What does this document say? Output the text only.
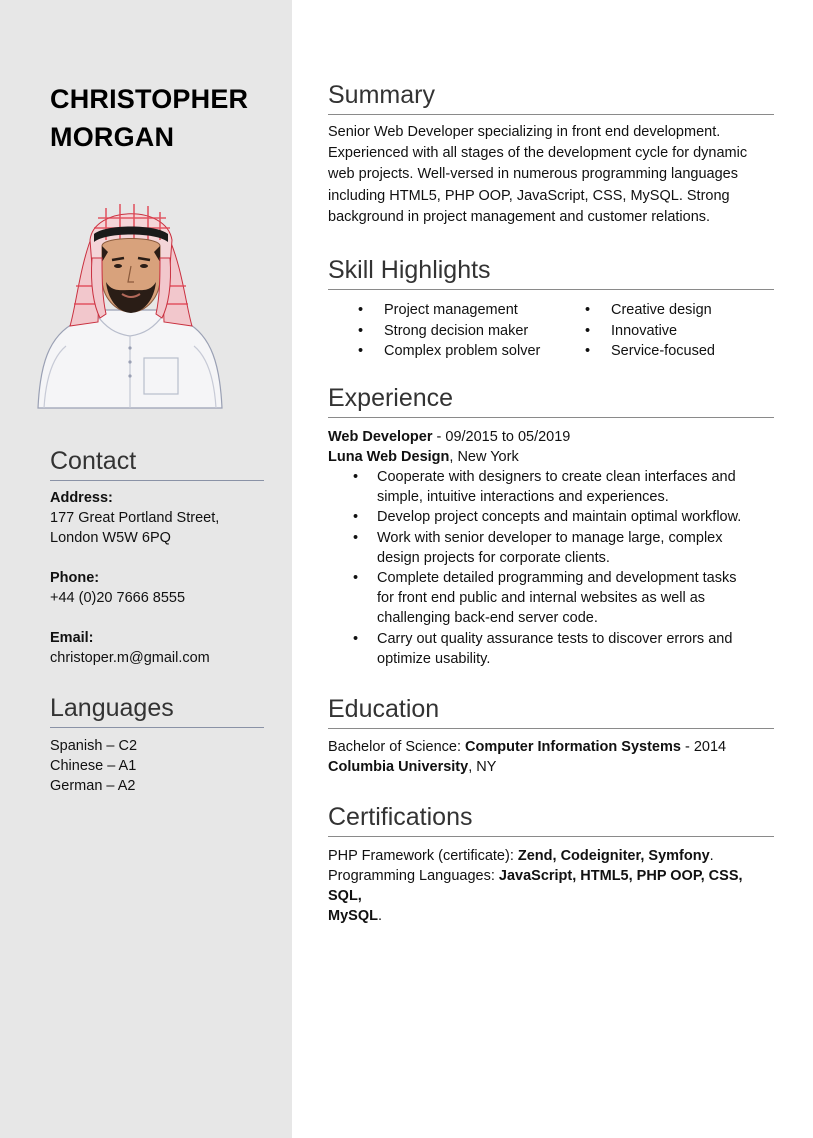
CHRISTOPHER
MORGAN
Contact
Address:
177 Great Portland Street,
London W5W 6PQ
Phone:
+44 (0)20 7666 8555
Email:
christoper.m@gmail.com
Languages
Spanish – C2
Chinese – A1
German – A2
Summary
Senior Web Developer specializing in front end development.
Experienced with all stages of the development cycle for dynamic
web projects. Well-versed in numerous programming languages
including HTML5, PHP OOP, JavaScript, CSS, MySQL. Strong
background in project management and customer relations.
Skill Highlights
• Project management
• Strong decision maker
• Complex problem solver
• Creative design
• Innovative
• Service-focused
Experience
Web Developer - 09/2015 to 05/2019
Luna Web Design, New York
• Cooperate with designers to create clean interfaces and
simple, intuitive interactions and experiences.
• Develop project concepts and maintain optimal workflow.
• Work with senior developer to manage large, complex
design projects for corporate clients.
• Complete detailed programming and development tasks
for front end public and internal websites as well as
challenging back-end server code.
• Carry out quality assurance tests to discover errors and
optimize usability.
Education
Bachelor of Science: Computer Information Systems - 2014
Columbia University, NY
Certifications
PHP Framework (certificate): Zend, Codeigniter, Symfony.
Programming Languages: JavaScript, HTML5, PHP OOP, CSS, SQL,
MySQL.
